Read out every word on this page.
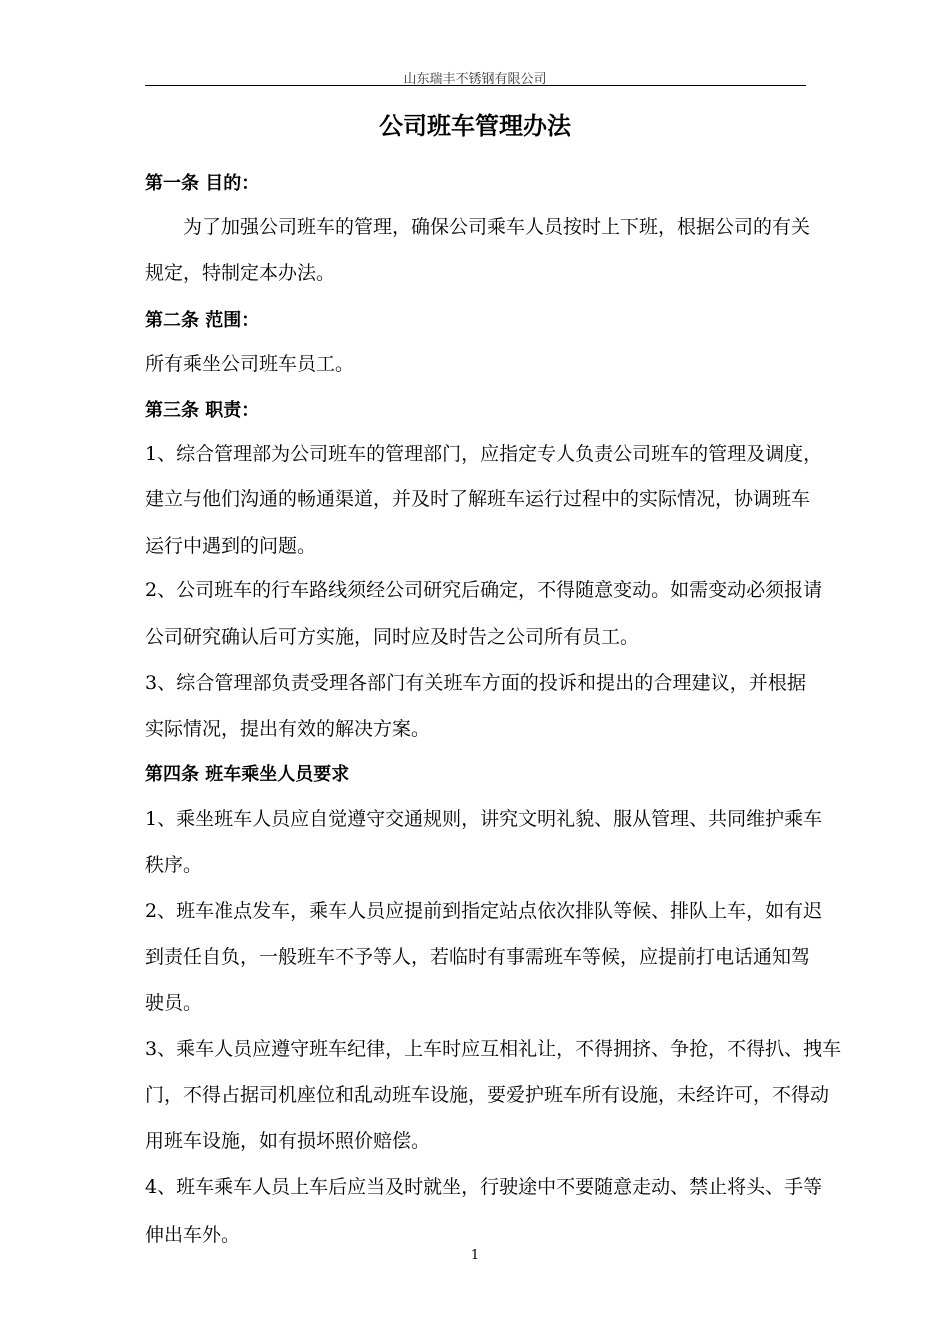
山东瑞丰不锈钢有限公司
公司班车管理办法
第一条 目的：
为了加强公司班车的管理，确保公司乘车人员按时上下班，根据公司的有关
规定，特制定本办法。
第二条 范围：
所有乘坐公司班车员工。
第三条 职责：
1、综合管理部为公司班车的管理部门，应指定专人负责公司班车的管理及调度，
建立与他们沟通的畅通渠道，并及时了解班车运行过程中的实际情况，协调班车
运行中遇到的问题。
2、公司班车的行车路线须经公司研究后确定，不得随意变动。如需变动必须报请
公司研究确认后可方实施，同时应及时告之公司所有员工。
3、综合管理部负责受理各部门有关班车方面的投诉和提出的合理建议，并根据
实际情况，提出有效的解决方案。
第四条 班车乘坐人员要求
1、乘坐班车人员应自觉遵守交通规则，讲究文明礼貌、服从管理、共同维护乘车
秩序。
2、班车准点发车，乘车人员应提前到指定站点依次排队等候、排队上车，如有迟
到责任自负，一般班车不予等人，若临时有事需班车等候，应提前打电话通知驾
驶员。
3、乘车人员应遵守班车纪律，上车时应互相礼让，不得拥挤、争抢，不得扒、拽车
门，不得占据司机座位和乱动班车设施，要爱护班车所有设施，未经许可，不得动
用班车设施，如有损坏照价赔偿。
4、班车乘车人员上车后应当及时就坐，行驶途中不要随意走动、禁止将头、手等
伸出车外。
1
